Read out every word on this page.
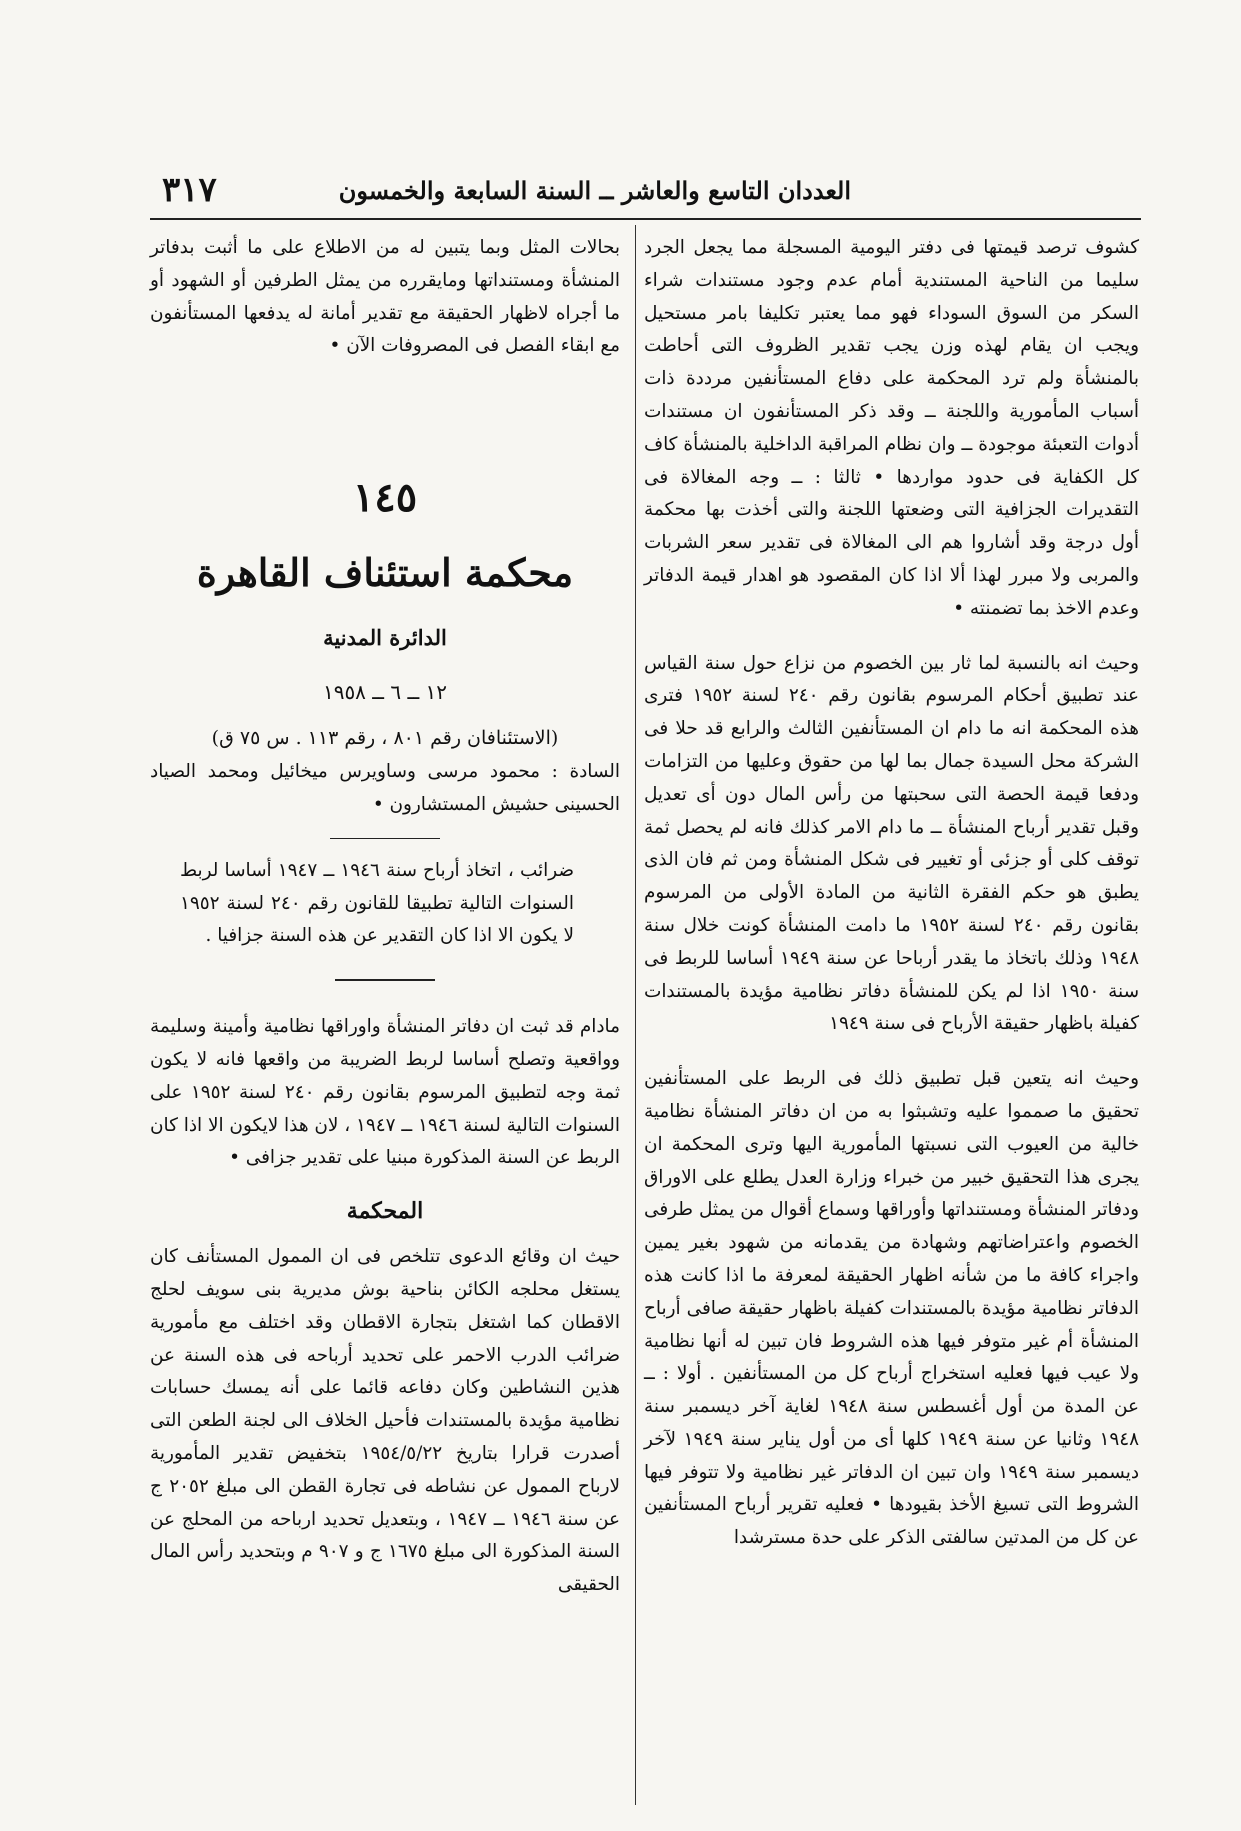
العددان التاسع والعاشر ــ السنة السابعة والخمسون
٣١٧

كشوف ترصد قيمتها فى دفتر اليومية المسجلة مما يجعل الجرد سليما من الناحية المستندية أمام عدم وجود مستندات شراء السكر من السوق السوداء فهو مما يعتبر تكليفا بامر مستحيل ويجب ان يقام لهذه وزن يجب تقدير الظروف التى أحاطت بالمنشأة ولم ترد المحكمة على دفاع المستأنفين مرددة ذات أسباب المأمورية واللجنة ــ وقد ذكر المستأنفون ان مستندات أدوات التعبئة موجودة ــ وان نظام المراقبة الداخلية بالمنشأة كاف كل الكفاية فى حدود مواردها • ثالثا : ــ وجه المغالاة فى التقديرات الجزافية التى وضعتها اللجنة والتى أخذت بها محكمة أول درجة وقد أشاروا هم الى المغالاة فى تقدير سعر الشربات والمربى ولا مبرر لهذا ألا اذا كان المقصود هو اهدار قيمة الدفاتر وعدم الاخذ بما تضمنته •

وحيث انه بالنسبة لما ثار بين الخصوم من نزاع حول سنة القياس عند تطبيق أحكام المرسوم بقانون رقم ٢٤٠ لسنة ١٩٥٢ فترى هذه المحكمة انه ما دام ان المستأنفين الثالث والرابع قد حلا فى الشركة محل السيدة جمال بما لها من حقوق وعليها من التزامات ودفعا قيمة الحصة التى سحبتها من رأس المال دون أى تعديل وقبل تقدير أرباح المنشأة ــ ما دام الامر كذلك فانه لم يحصل ثمة توقف كلى أو جزئى أو تغيير فى شكل المنشأة ومن ثم فان الذى يطبق هو حكم الفقرة الثانية من المادة الأولى من المرسوم بقانون رقم ٢٤٠ لسنة ١٩٥٢ ما دامت المنشأة كونت خلال سنة ١٩٤٨ وذلك باتخاذ ما يقدر أرباحا عن سنة ١٩٤٩ أساسا للربط فى سنة ١٩٥٠ اذا لم يكن للمنشأة دفاتر نظامية مؤيدة بالمستندات كفيلة باظهار حقيقة الأرباح فى سنة ١٩٤٩

وحيث انه يتعين قبل تطبيق ذلك فى الربط على المستأنفين تحقيق ما صمموا عليه وتشبثوا به من ان دفاتر المنشأة نظامية خالية من العيوب التى نسبتها المأمورية اليها وترى المحكمة ان يجرى هذا التحقيق خبير من خبراء وزارة العدل يطلع على الاوراق ودفاتر المنشأة ومستنداتها وأوراقها وسماع أقوال من يمثل طرفى الخصوم واعتراضاتهم وشهادة من يقدمانه من شهود بغير يمين واجراء كافة ما من شأنه اظهار الحقيقة لمعرفة ما اذا كانت هذه الدفاتر نظامية مؤيدة بالمستندات كفيلة باظهار حقيقة صافى أرباح المنشأة أم غير متوفر فيها هذه الشروط فان تبين له أنها نظامية ولا عيب فيها فعليه استخراج أرباح كل من المستأنفين . أولا : ــ عن المدة من أول أغسطس سنة ١٩٤٨ لغاية آخر ديسمبر سنة ١٩٤٨ وثانيا عن سنة ١٩٤٩ كلها أى من أول يناير سنة ١٩٤٩ لآخر ديسمبر سنة ١٩٤٩ وان تبين ان الدفاتر غير نظامية ولا تتوفر فيها الشروط التى تسيغ الأخذ بقيودها • فعليه تقرير أرباح المستأنفين عن كل من المدتين سالفتى الذكر على حدة مسترشدا

بحالات المثل وبما يتبين له من الاطلاع على ما أثبت بدفاتر المنشأة ومستنداتها ومايقرره من يمثل الطرفين أو الشهود أو ما أجراه لاظهار الحقيقة مع تقدير أمانة له يدفعها المستأنفون مع ابقاء الفصل فى المصروفات الآن •

١٤٥
محكمة استئناف القاهرة
الدائرة المدنية
١٢ ــ ٦ ــ ١٩٥٨
(الاستئنافان رقم ٨٠١ ، رقم ١١٣ . س ٧٥ ق)

السادة : محمود مرسى وساويرس ميخائيل ومحمد الصياد الحسينى حشيش المستشارون •

ضرائب ، اتخاذ أرباح سنة ١٩٤٦ ــ ١٩٤٧ أساسا لربط السنوات التالية تطبيقا للقانون رقم ٢٤٠ لسنة ١٩٥٢ لا يكون الا اذا كان التقدير عن هذه السنة جزافيا .

مادام قد ثبت ان دفاتر المنشأة واوراقها نظامية وأمينة وسليمة وواقعية وتصلح أساسا لربط الضريبة من واقعها فانه لا يكون ثمة وجه لتطبيق المرسوم بقانون رقم ٢٤٠ لسنة ١٩٥٢ على السنوات التالية لسنة ١٩٤٦ ــ ١٩٤٧ ، لان هذا لايكون الا اذا كان الربط عن السنة المذكورة مبنيا على تقدير جزافى •

المحكمة

حيث ان وقائع الدعوى تتلخص فى ان الممول المستأنف كان يستغل محلجه الكائن بناحية بوش مديرية بنى سويف لحلج الاقطان كما اشتغل بتجارة الاقطان وقد اختلف مع مأمورية ضرائب الدرب الاحمر على تحديد أرباحه فى هذه السنة عن هذين النشاطين وكان دفاعه قائما على أنه يمسك حسابات نظامية مؤيدة بالمستندات فأحيل الخلاف الى لجنة الطعن التى أصدرت قرارا بتاريخ ١٩٥٤/٥/٢٢ بتخفيض تقدير المأمورية لارباح الممول عن نشاطه فى تجارة القطن الى مبلغ ٢٠٥٢ ج عن سنة ١٩٤٦ ــ ١٩٤٧ ، وبتعديل تحديد ارباحه من المحلج عن السنة المذكورة الى مبلغ ١٦٧٥ ج و ٩٠٧ م وبتحديد رأس المال الحقيقى
